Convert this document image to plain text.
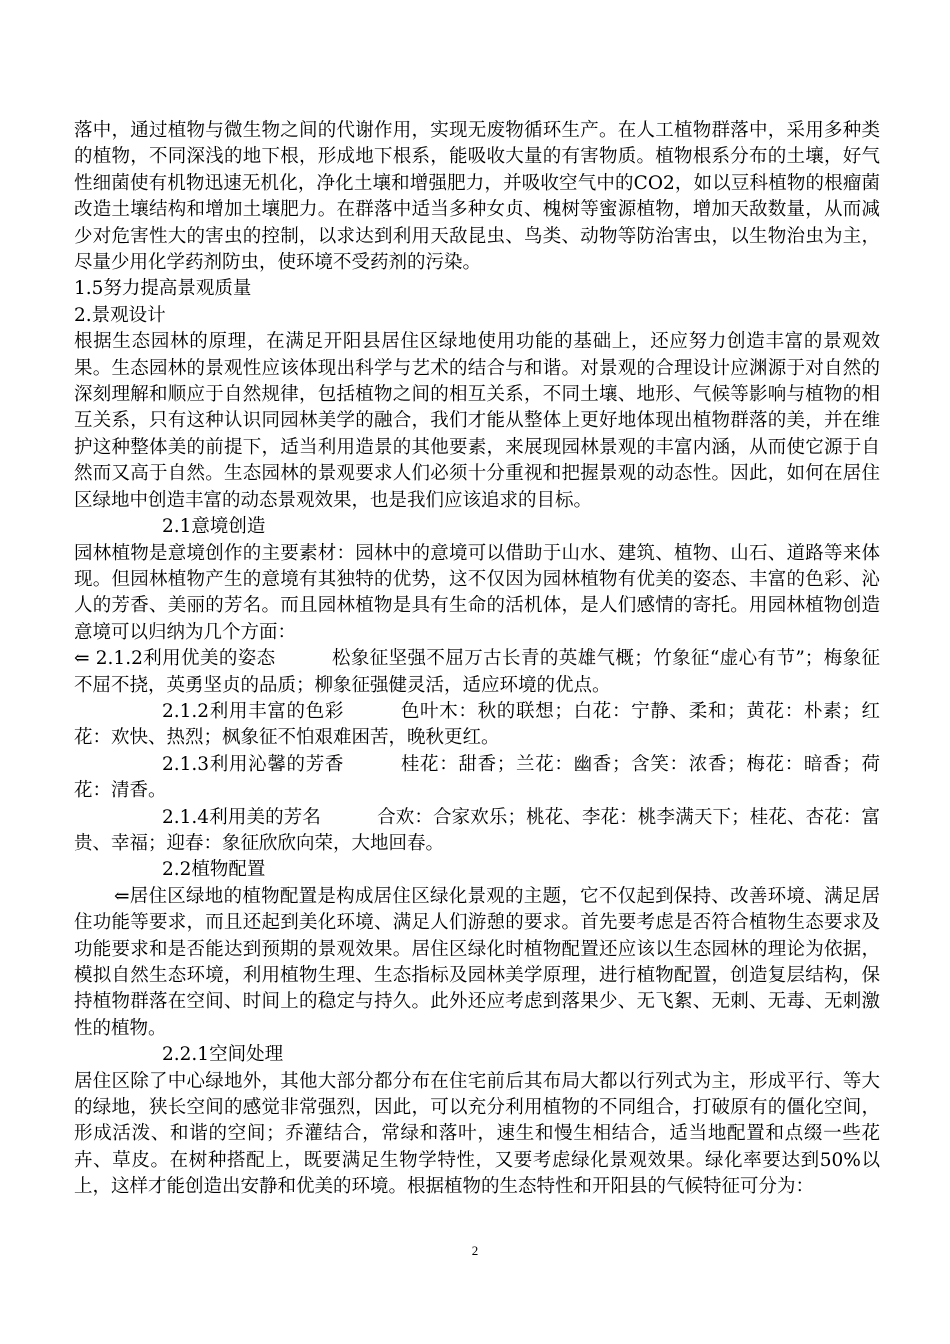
落中，通过植物与微生物之间的代谢作用，实现无废物循环生产。在人工植物群落中，采用多种类的植物，不同深浅的地下根，形成地下根系，能吸收大量的有害物质。植物根系分布的土壤，好气性细菌使有机物迅速无机化，净化土壤和增强肥力，并吸收空气中的CO2，如以豆科植物的根瘤菌改造土壤结构和增加土壤肥力。在群落中适当多种女贞、槐树等蜜源植物，增加天敌数量，从而减少对危害性大的害虫的控制，以求达到利用天敌昆虫、鸟类、动物等防治害虫，以生物治虫为主，尽量少用化学药剂防虫，使环境不受药剂的污染。

1.5努力提高景观质量

2.景观设计

根据生态园林的原理，在满足开阳县居住区绿地使用功能的基础上，还应努力创造丰富的景观效果。生态园林的景观性应该体现出科学与艺术的结合与和谐。对景观的合理设计应渊源于对自然的深刻理解和顺应于自然规律，包括植物之间的相互关系，不同土壤、地形、气候等影响与植物的相互关系，只有这种认识同园林美学的融合，我们才能从整体上更好地体现出植物群落的美，并在维护这种整体美的前提下，适当利用造景的其他要素，来展现园林景观的丰富内涵，从而使它源于自然而又高于自然。生态园林的景观要求人们必须十分重视和把握景观的动态性。因此，如何在居住区绿地中创造丰富的动态景观效果，也是我们应该追求的目标。

2.1意境创造

园林植物是意境创作的主要素材：园林中的意境可以借助于山水、建筑、植物、山石、道路等来体现。但园林植物产生的意境有其独特的优势，这不仅因为园林植物有优美的姿态、丰富的色彩、沁人的芳香、美丽的芳名。而且园林植物是具有生命的活机体，是人们感情的寄托。用园林植物创造意境可以归纳为几个方面：

⇐ 2.1.2利用优美的姿态	松象征坚强不屈万古长青的英雄气概；竹象征“虚心有节”；梅象征不屈不挠，英勇坚贞的品质；柳象征强健灵活，适应环境的优点。

2.1.2利用丰富的色彩	色叶木：秋的联想；白花：宁静、柔和；黄花：朴素；红花：欢快、热烈；枫象征不怕艰难困苦，晚秋更红。

2.1.3利用沁馨的芳香	桂花：甜香；兰花：幽香；含笑：浓香；梅花：暗香；荷花：清香。

2.1.4利用美的芳名	合欢：合家欢乐；桃花、李花：桃李满天下；桂花、杏花：富贵、幸福；迎春：象征欣欣向荣，大地回春。

2.2植物配置

⇐居住区绿地的植物配置是构成居住区绿化景观的主题，它不仅起到保持、改善环境、满足居住功能等要求，而且还起到美化环境、满足人们游憩的要求。首先要考虑是否符合植物生态要求及功能要求和是否能达到预期的景观效果。居住区绿化时植物配置还应该以生态园林的理论为依据，模拟自然生态环境，利用植物生理、生态指标及园林美学原理，进行植物配置，创造复层结构，保持植物群落在空间、时间上的稳定与持久。此外还应考虑到落果少、无飞絮、无刺、无毒、无刺激性的植物。

2.2.1空间处理

居住区除了中心绿地外，其他大部分都分布在住宅前后其布局大都以行列式为主，形成平行、等大的绿地，狭长空间的感觉非常强烈，因此，可以充分利用植物的不同组合，打破原有的僵化空间，形成活泼、和谐的空间；乔灌结合，常绿和落叶，速生和慢生相结合，适当地配置和点缀一些花卉、草皮。在树种搭配上，既要满足生物学特性，又要考虑绿化景观效果。绿化率要达到50%以上，这样才能创造出安静和优美的环境。根据植物的生态特性和开阳县的气候特征可分为：

2
